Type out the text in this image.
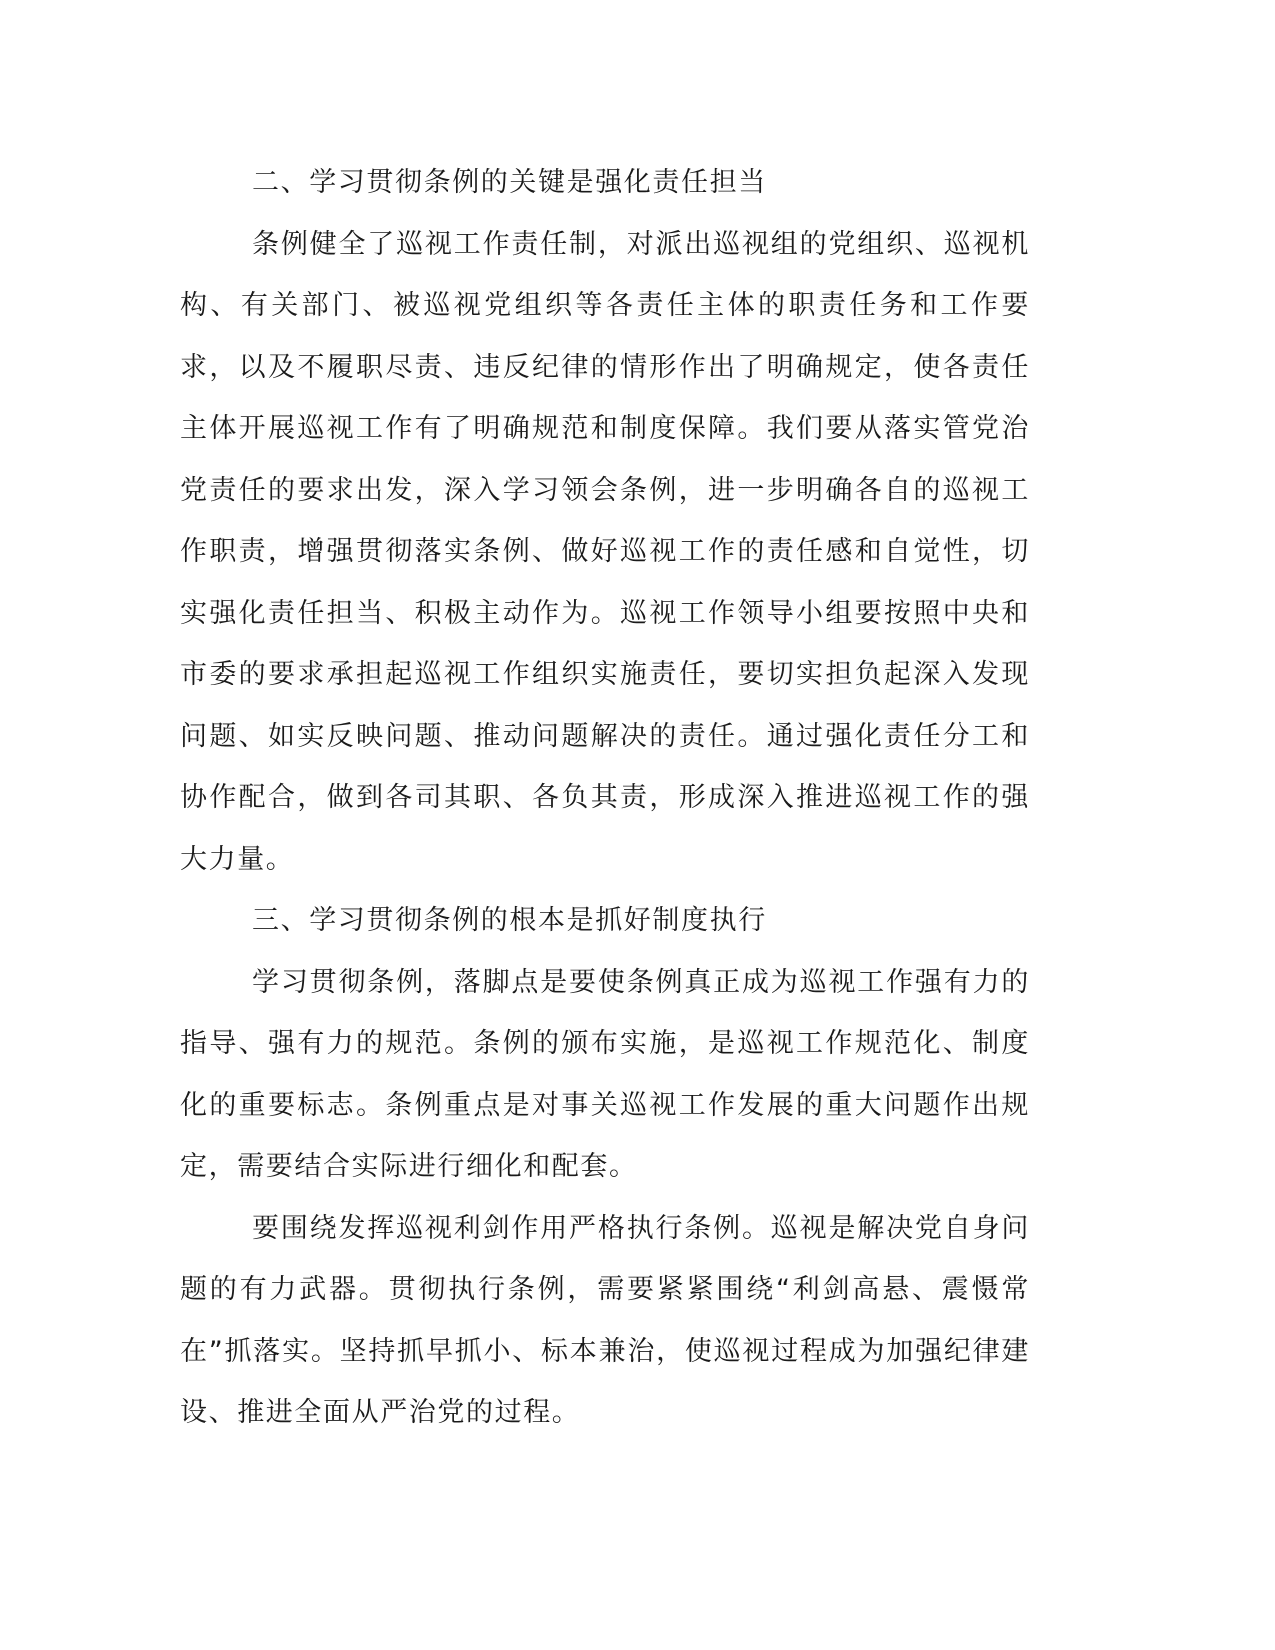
二、学习贯彻条例的关键是强化责任担当

条例健全了巡视工作责任制，对派出巡视组的党组织、巡视机构、有关部门、被巡视党组织等各责任主体的职责任务和工作要求，以及不履职尽责、违反纪律的情形作出了明确规定，使各责任主体开展巡视工作有了明确规范和制度保障。我们要从落实管党治党责任的要求出发，深入学习领会条例，进一步明确各自的巡视工作职责，增强贯彻落实条例、做好巡视工作的责任感和自觉性，切实强化责任担当、积极主动作为。巡视工作领导小组要按照中央和市委的要求承担起巡视工作组织实施责任，要切实担负起深入发现问题、如实反映问题、推动问题解决的责任。通过强化责任分工和协作配合，做到各司其职、各负其责，形成深入推进巡视工作的强大力量。

三、学习贯彻条例的根本是抓好制度执行

学习贯彻条例，落脚点是要使条例真正成为巡视工作强有力的指导、强有力的规范。条例的颁布实施，是巡视工作规范化、制度化的重要标志。条例重点是对事关巡视工作发展的重大问题作出规定，需要结合实际进行细化和配套。

要围绕发挥巡视利剑作用严格执行条例。巡视是解决党自身问题的有力武器。贯彻执行条例，需要紧紧围绕“利剑高悬、震慑常在”抓落实。坚持抓早抓小、标本兼治，使巡视过程成为加强纪律建设、推进全面从严治党的过程。
